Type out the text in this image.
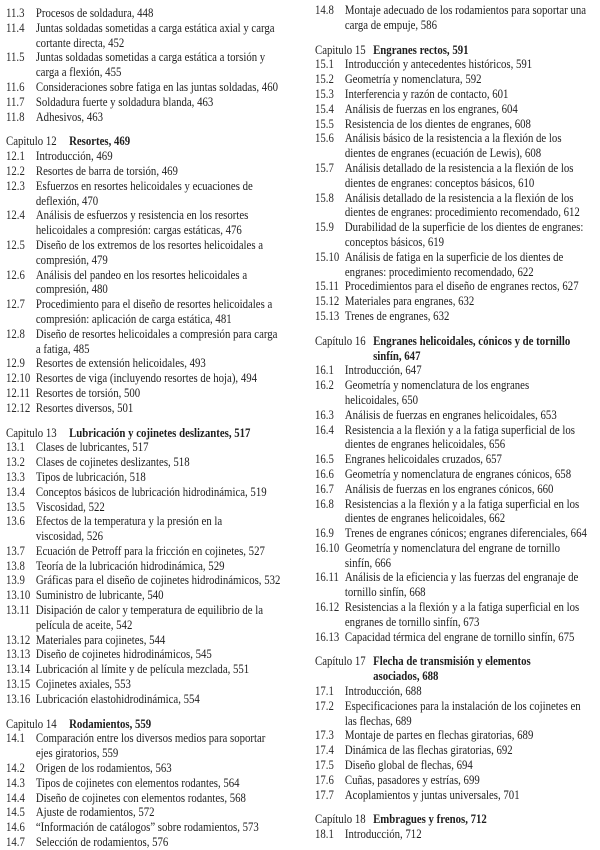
11.3 Procesos de soldadura, 448
11.4 Juntas soldadas sometidas a carga estática axial y carga
cortante directa, 452
11.5 Juntas soldadas sometidas a carga estática a torsión y
carga a flexión, 455
11.6 Consideraciones sobre fatiga en las juntas soldadas, 460
11.7 Soldadura fuerte y soldadura blanda, 463
11.8 Adhesivos, 463
Capitulo 12 Resortes, 469
12.1 Introducción, 469
12.2 Resortes de barra de torsión, 469
12.3 Esfuerzos en resortes helicoidales y ecuaciones de
deflexión, 470
12.4 Análisis de esfuerzos y resistencia en los resortes
helicoidales a compresión: cargas estáticas, 476
12.5 Diseño de los extremos de los resortes helicoidales a
compresión, 479
12.6 Análisis del pandeo en los resortes helicoidales a
compresión, 480
12.7 Procedimiento para el diseño de resortes helicoidales a
compresión: aplicación de carga estática, 481
12.8 Diseño de resortes helicoidales a compresión para carga
a fatiga, 485
12.9 Resortes de extensión helicoidales, 493
12.10 Resortes de viga (incluyendo resortes de hoja), 494
12.11 Resortes de torsión, 500
12.12 Resortes diversos, 501
Capitulo 13 Lubricación y cojinetes deslizantes, 517
13.1 Clases de lubricantes, 517
13.2 Clases de cojinetes deslizantes, 518
13.3 Tipos de lubricación, 518
13.4 Conceptos básicos de lubricación hidrodinámica, 519
13.5 Viscosidad, 522
13.6 Efectos de la temperatura y la presión en la
viscosidad, 526
13.7 Ecuación de Petroff para la fricción en cojinetes, 527
13.8 Teoría de la lubricación hidrodinámica, 529
13.9 Gráficas para el diseño de cojinetes hidrodinámicos, 532
13.10 Suministro de lubricante, 540
13.11 Disipación de calor y temperatura de equilibrio de la
película de aceite, 542
13.12 Materiales para cojinetes, 544
13.13 Diseño de cojinetes hidrodinámicos, 545
13.14 Lubricación al límite y de película mezclada, 551
13.15 Cojinetes axiales, 553
13.16 Lubricación elastohidrodinámica, 554
Capitulo 14 Rodamientos, 559
14.1 Comparación entre los diversos medios para soportar
ejes giratorios, 559
14.2 Origen de los rodamientos, 563
14.3 Tipos de cojinetes con elementos rodantes, 564
14.4 Diseño de cojinetes con elementos rodantes, 568
14.5 Ajuste de rodamientos, 572
14.6 “Información de catálogos” sobre rodamientos, 573
14.7 Selección de rodamientos, 576
14.8 Montaje adecuado de los rodamientos para soportar una
carga de empuje, 586
Capitulo 15 Engranes rectos, 591
15.1 Introducción y antecedentes históricos, 591
15.2 Geometría y nomenclatura, 592
15.3 Interferencia y razón de contacto, 601
15.4 Análisis de fuerzas en los engranes, 604
15.5 Resistencia de los dientes de engranes, 608
15.6 Análisis básico de la resistencia a la flexión de los
dientes de engranes (ecuación de Lewis), 608
15.7 Análisis detallado de la resistencia a la flexión de los
dientes de engranes: conceptos básicos, 610
15.8 Análisis detallado de la resistencia a la flexión de los
dientes de engranes: procedimiento recomendado, 612
15.9 Durabilidad de la superficie de los dientes de engranes:
conceptos básicos, 619
15.10 Análisis de fatiga en la superficie de los dientes de
engranes: procedimiento recomendado, 622
15.11 Procedimientos para el diseño de engranes rectos, 627
15.12 Materiales para engranes, 632
15.13 Trenes de engranes, 632
Capítulo 16 Engranes helicoidales, cónicos y de tornillo
sinfín, 647
16.1 Introducción, 647
16.2 Geometría y nomenclatura de los engranes
helicoidales, 650
16.3 Análisis de fuerzas en engranes helicoidales, 653
16.4 Resistencia a la flexión y a la fatiga superficial de los
dientes de engranes helicoidales, 656
16.5 Engranes helicoidales cruzados, 657
16.6 Geometría y nomenclatura de engranes cónicos, 658
16.7 Análisis de fuerzas en los engranes cónicos, 660
16.8 Resistencias a la flexión y a la fatiga superficial en los
dientes de engranes helicoidales, 662
16.9 Trenes de engranes cónicos; engranes diferenciales, 664
16.10 Geometría y nomenclatura del engrane de tornillo
sinfín, 666
16.11 Análisis de la eficiencia y las fuerzas del engranaje de
tornillo sinfín, 668
16.12 Resistencias a la flexión y a la fatiga superficial en los
engranes de tornillo sinfín, 673
16.13 Capacidad térmica del engrane de tornillo sinfín, 675
Capítulo 17 Flecha de transmisión y elementos
asociados, 688
17.1 Introducción, 688
17.2 Especificaciones para la instalación de los cojinetes en
las flechas, 689
17.3 Montaje de partes en flechas giratorias, 689
17.4 Dinámica de las flechas giratorias, 692
17.5 Diseño global de flechas, 694
17.6 Cuñas, pasadores y estrías, 699
17.7 Acoplamientos y juntas universales, 701
Capítulo 18 Embragues y frenos, 712
18.1 Introducción, 712
